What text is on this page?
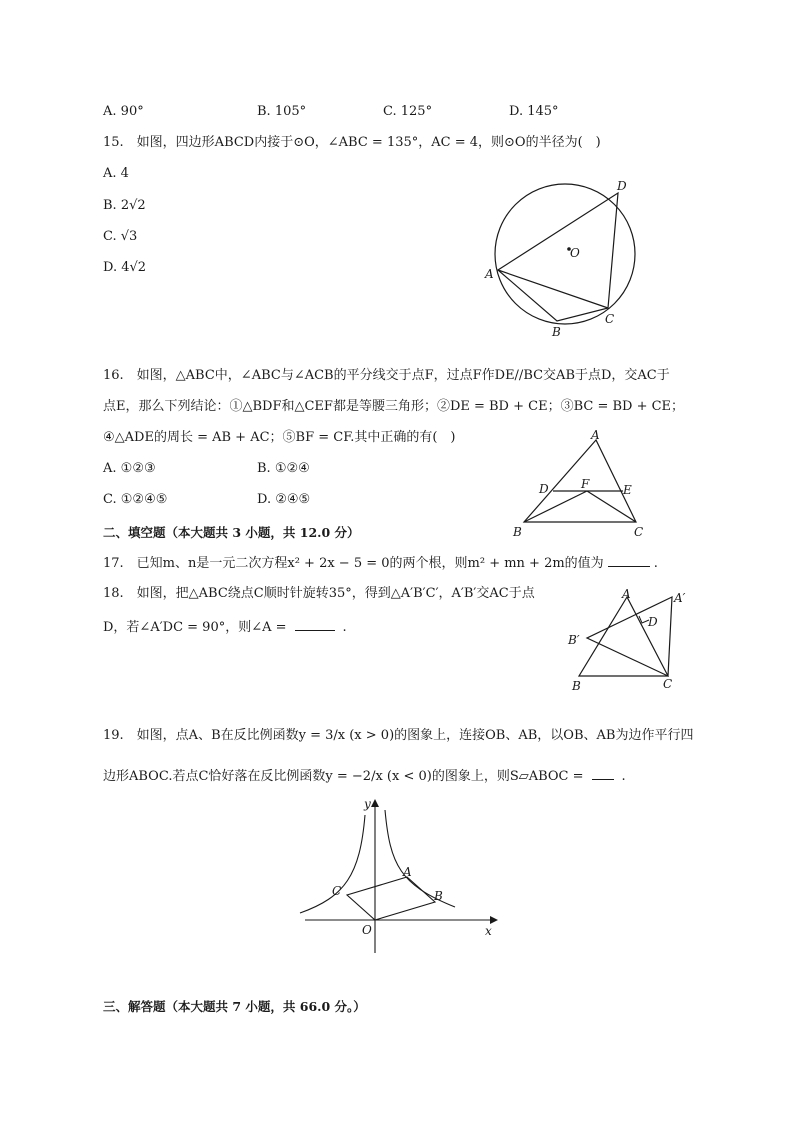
A. 90°	B. 105°	C. 125°	D. 145°
15.　如图，四边形ABCD内接于⊙O，∠ABC = 135°，AC = 4，则⊙O的半径为(　)
A. 4
B. 2√2
C. √3
D. 4√2
O
A
B
C
D
16.　如图，△ABC中，∠ABC与∠ACB的平分线交于点F，过点F作DE//BC交AB于点D，交AC于
点E，那么下列结论：①△BDF和△CEF都是等腰三角形；②DE = BD + CE；③BC = BD + CE；
④△ADE的周长 = AB + AC；⑤BF = CF.其中正确的有(　)
A. ①②③	B. ①②④
C. ①②④⑤	D. ②④⑤
A
D	F	E
B	C
二、填空题（本大题共 3 小题，共 12.0 分）
17.　已知m、n是一元二次方程x² + 2x − 5 = 0的两个根，则m² + mn + 2m的值为	.
18.　如图，把△ABC绕点C顺时针旋转35°，得到△A′B′C′，A′B′交AC于点
D，若∠A′DC = 90°，则∠A =	.
A	A′
D
B′
B	C
19.　如图，点A、B在反比例函数y = 3/x (x > 0)的图象上，连接OB、AB，以OB、AB为边作平行四
边形ABOC.若点C恰好落在反比例函数y = −2/x (x < 0)的图象上，则S▱ABOC =	.
y
x
O
A
B
C
三、解答题（本大题共 7 小题，共 66.0 分。）
